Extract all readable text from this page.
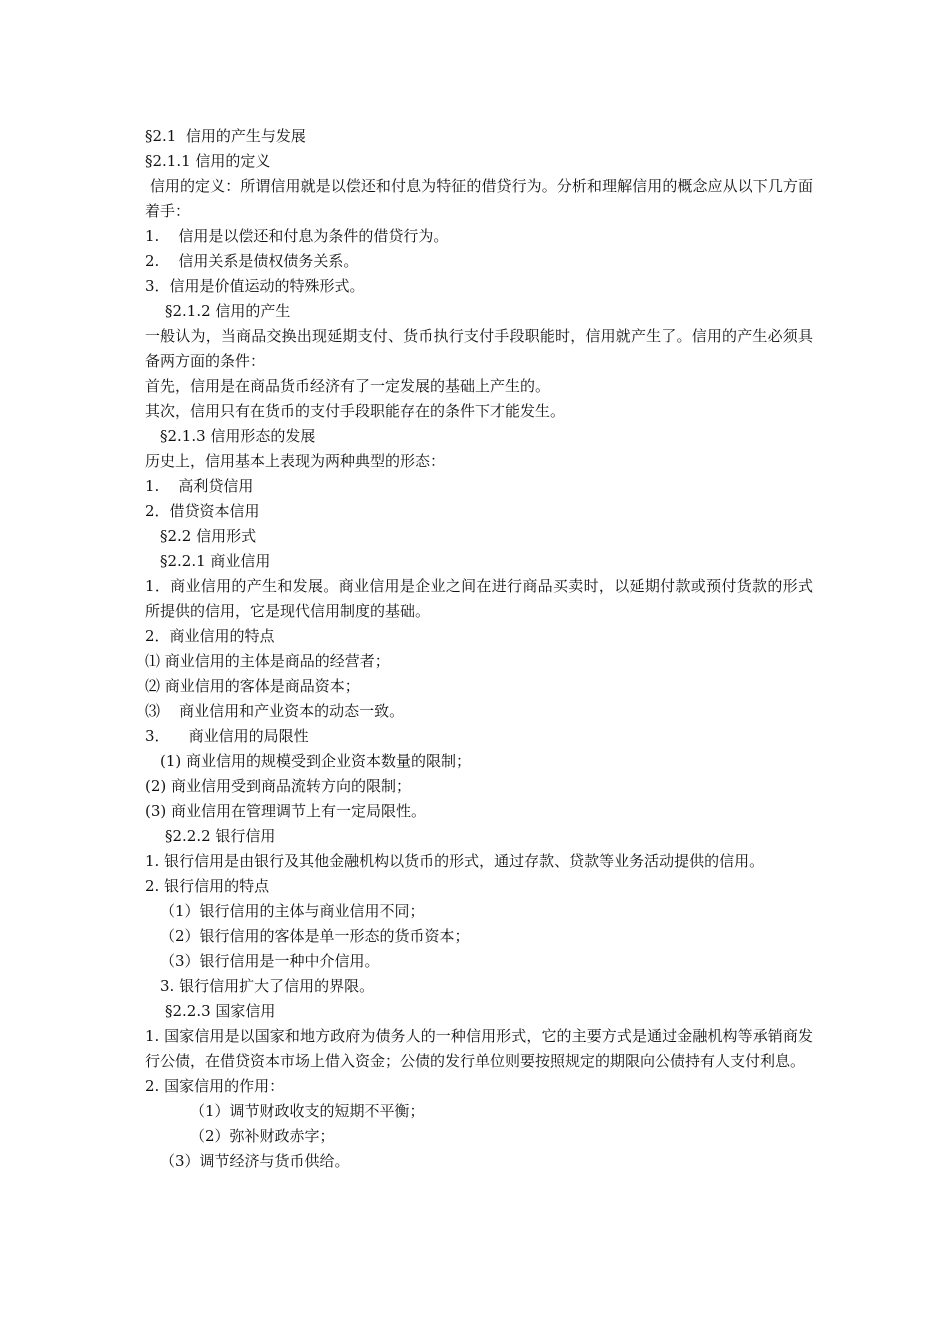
§2.1  信用的产生与发展

§2.1.1 信用的定义

信用的定义：所谓信用就是以偿还和付息为特征的借贷行为。分析和理解信用的概念应从以下几方面着手：

1.    信用是以偿还和付息为条件的借贷行为。

2.    信用关系是债权债务关系。

3．信用是价值运动的特殊形式。

§2.1.2 信用的产生

一般认为，当商品交换出现延期支付、货币执行支付手段职能时，信用就产生了。信用的产生必须具备两方面的条件：

首先，信用是在商品货币经济有了一定发展的基础上产生的。

其次，信用只有在货币的支付手段职能存在的条件下才能发生。

§2.1.3 信用形态的发展

历史上，信用基本上表现为两种典型的形态：

1.    高利贷信用

2．借贷资本信用

§2.2 信用形式

§2.2.1 商业信用

1．商业信用的产生和发展。商业信用是企业之间在进行商品买卖时，以延期付款或预付货款的形式所提供的信用，它是现代信用制度的基础。

2．商业信用的特点

⑴ 商业信用的主体是商品的经营者；

⑵ 商业信用的客体是商品资本；

⑶    商业信用和产业资本的动态一致。

3．    商业信用的局限性

(1) 商业信用的规模受到企业资本数量的限制；

(2) 商业信用受到商品流转方向的限制；

(3) 商业信用在管理调节上有一定局限性。

§2.2.2 银行信用

1. 银行信用是由银行及其他金融机构以货币的形式，通过存款、贷款等业务活动提供的信用。

2. 银行信用的特点

（1）银行信用的主体与商业信用不同；

（2）银行信用的客体是单一形态的货币资本；

（3）银行信用是一种中介信用。

3. 银行信用扩大了信用的界限。

§2.2.3 国家信用

1. 国家信用是以国家和地方政府为债务人的一种信用形式，它的主要方式是通过金融机构等承销商发行公债，在借贷资本市场上借入资金；公债的发行单位则要按照规定的期限向公债持有人支付利息。

2. 国家信用的作用：

（1）调节财政收支的短期不平衡；

（2）弥补财政赤字；

（3）调节经济与货币供给。
